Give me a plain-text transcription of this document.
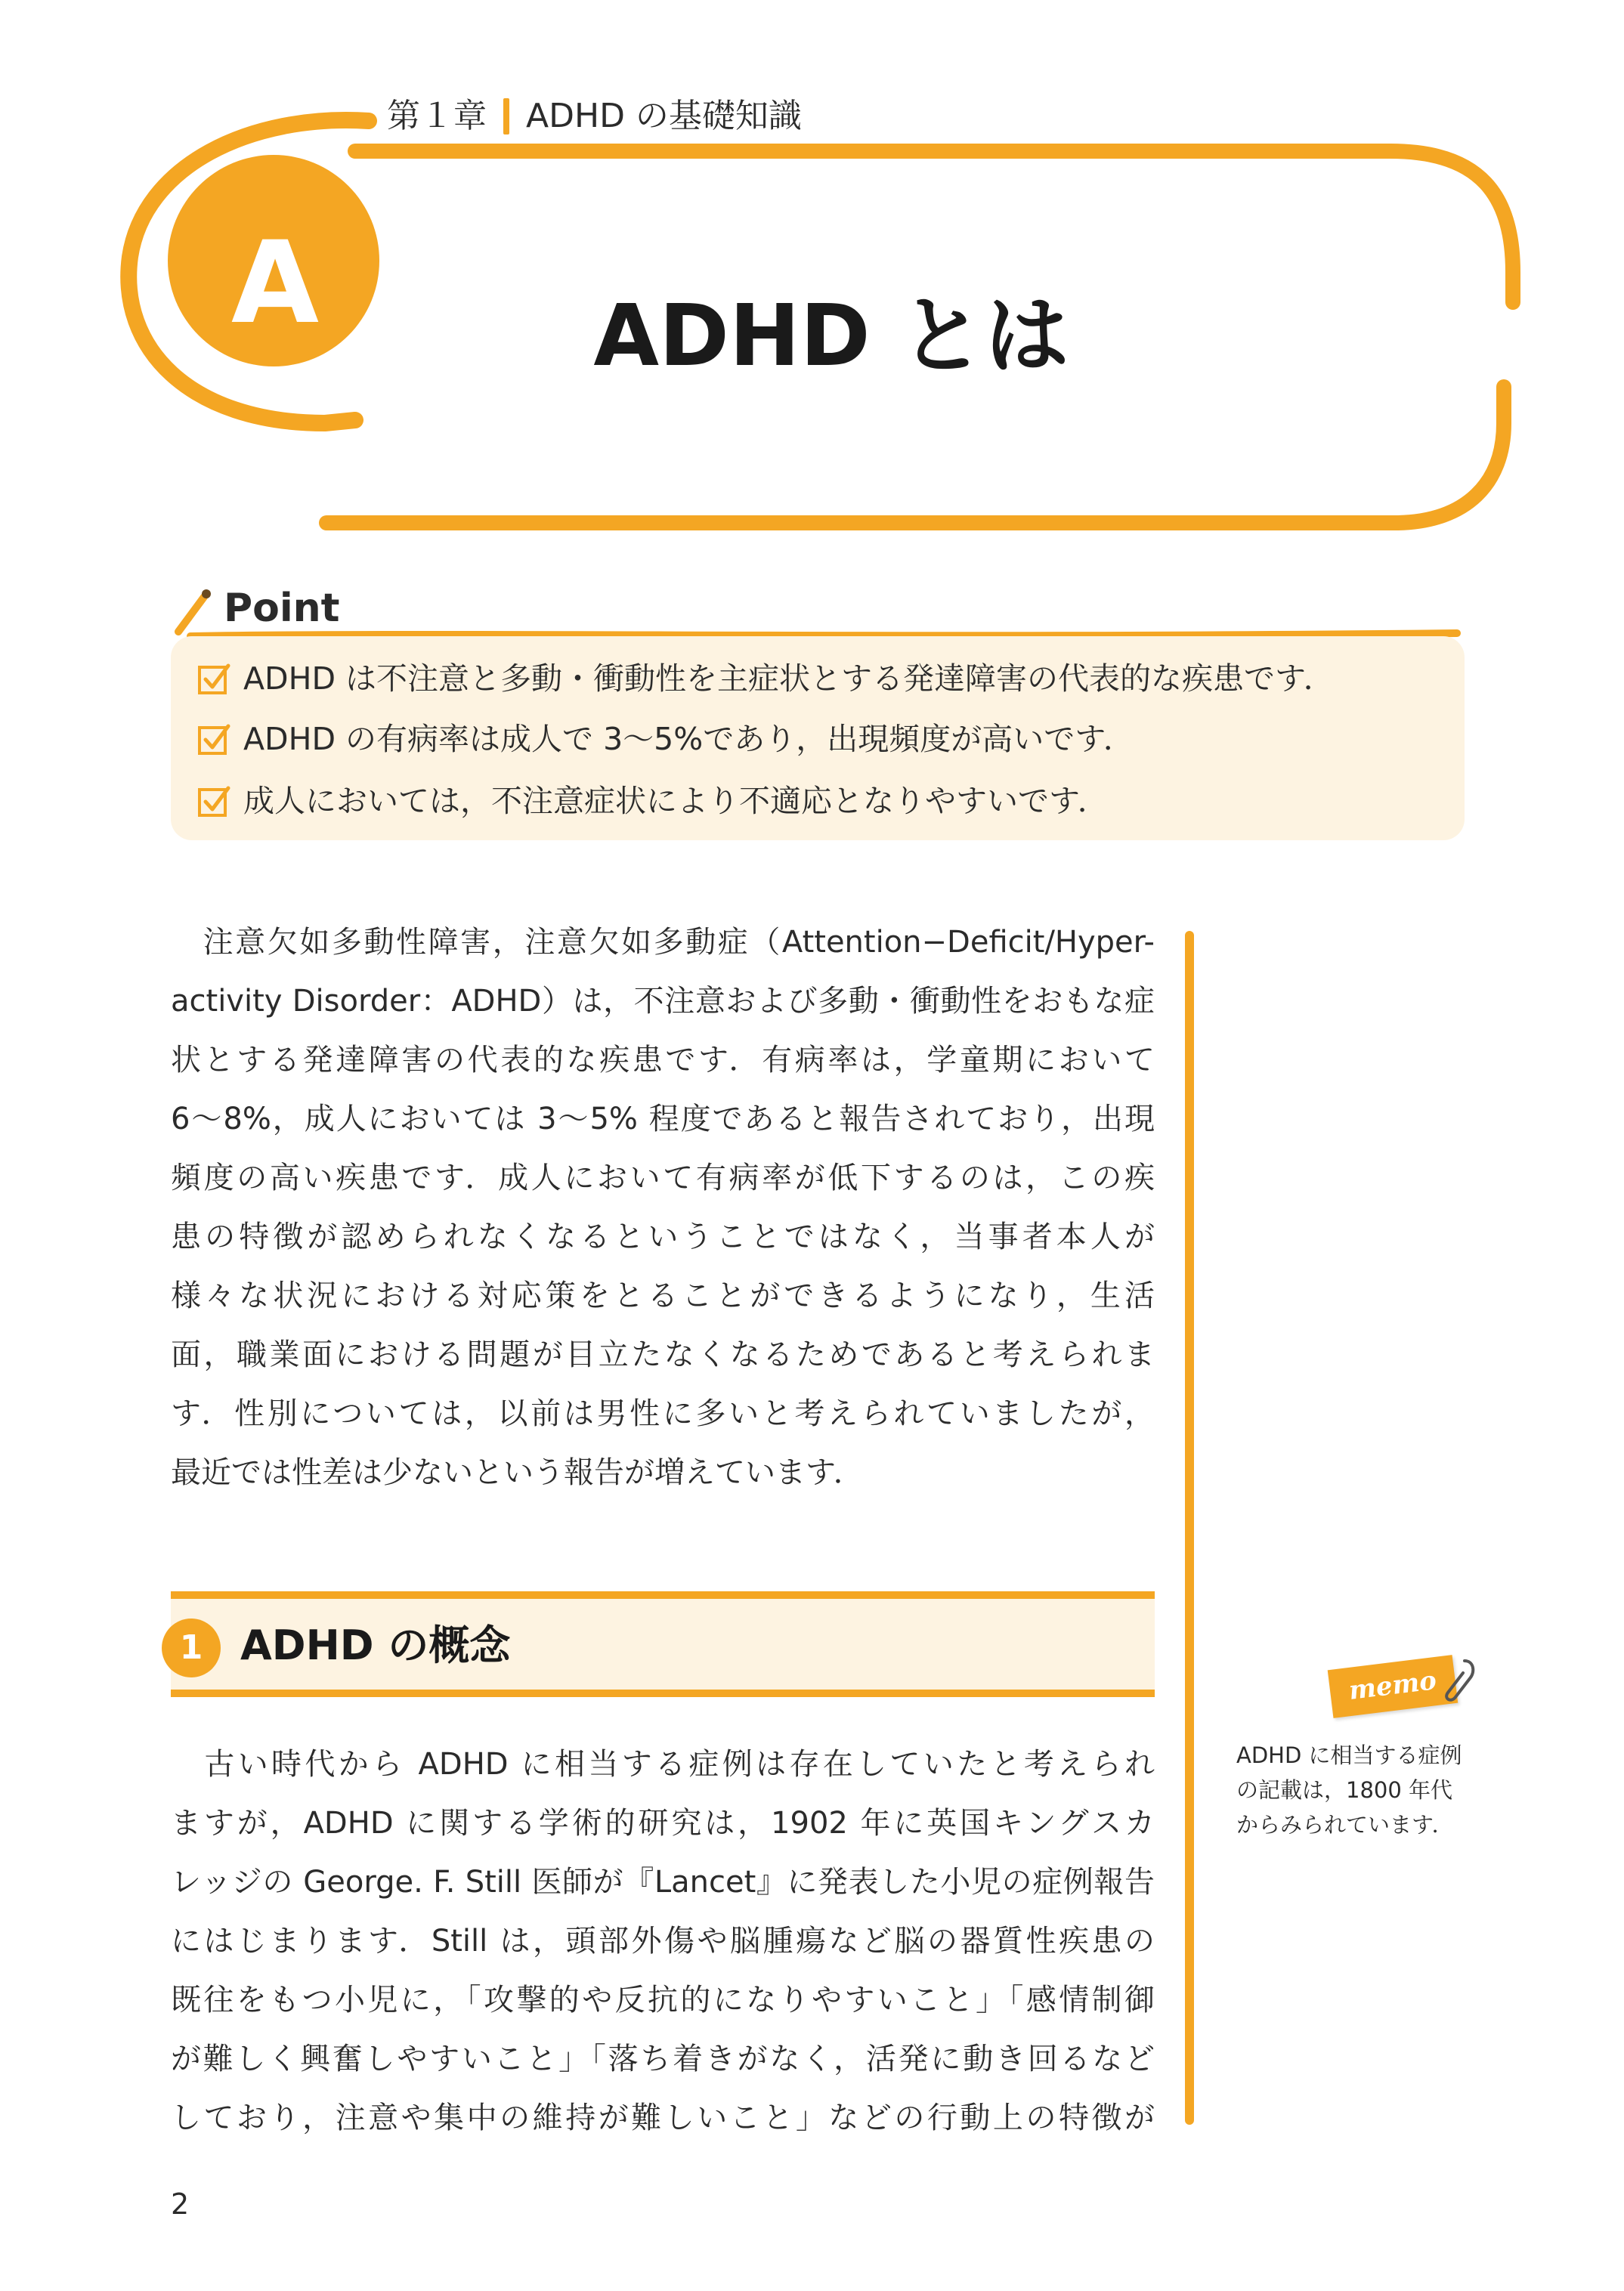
第１章 ADHD の基礎知識
A	ADHD とは
Point
ADHD は不注意と多動・衝動性を主症状とする発達障害の代表的な疾患です．
ADHD の有病率は成人で 3〜5%であり，出現頻度が高いです．
成人においては，不注意症状により不適応となりやすいです．
　注意欠如多動性障害，注意欠如多動症（Attention−Deficit/Hyper-
activity Disorder：ADHD）は，不注意および多動・衝動性をおもな症
状とする発達障害の代表的な疾患です．有病率は，学童期において
6〜8%，成人においては 3〜5% 程度であると報告されており，出現
頻度の高い疾患です．成人において有病率が低下するのは，この疾
患の特徴が認められなくなるということではなく，当事者本人が
様々な状況における対応策をとることができるようになり，生活
面，職業面における問題が目立たなくなるためであると考えられま
す．性別については，以前は男性に多いと考えられていましたが，
最近では性差は少ないという報告が増えています．
1 ADHD の概念
　古い時代から ADHD に相当する症例は存在していたと考えられ
ますが，ADHD に関する学術的研究は，1902 年に英国キングスカ
レッジの George. F. Still 医師が『Lancet』に発表した小児の症例報告
にはじまります．Still は，頭部外傷や脳腫瘍など脳の器質性疾患の
既往をもつ小児に，「攻撃的や反抗的になりやすいこと」「感情制御
が難しく興奮しやすいこと」「落ち着きがなく，活発に動き回るなど
しており，注意や集中の維持が難しいこと」などの行動上の特徴が
memo
ADHD に相当する症例
の記載は，1800 年代
からみられています．
2
